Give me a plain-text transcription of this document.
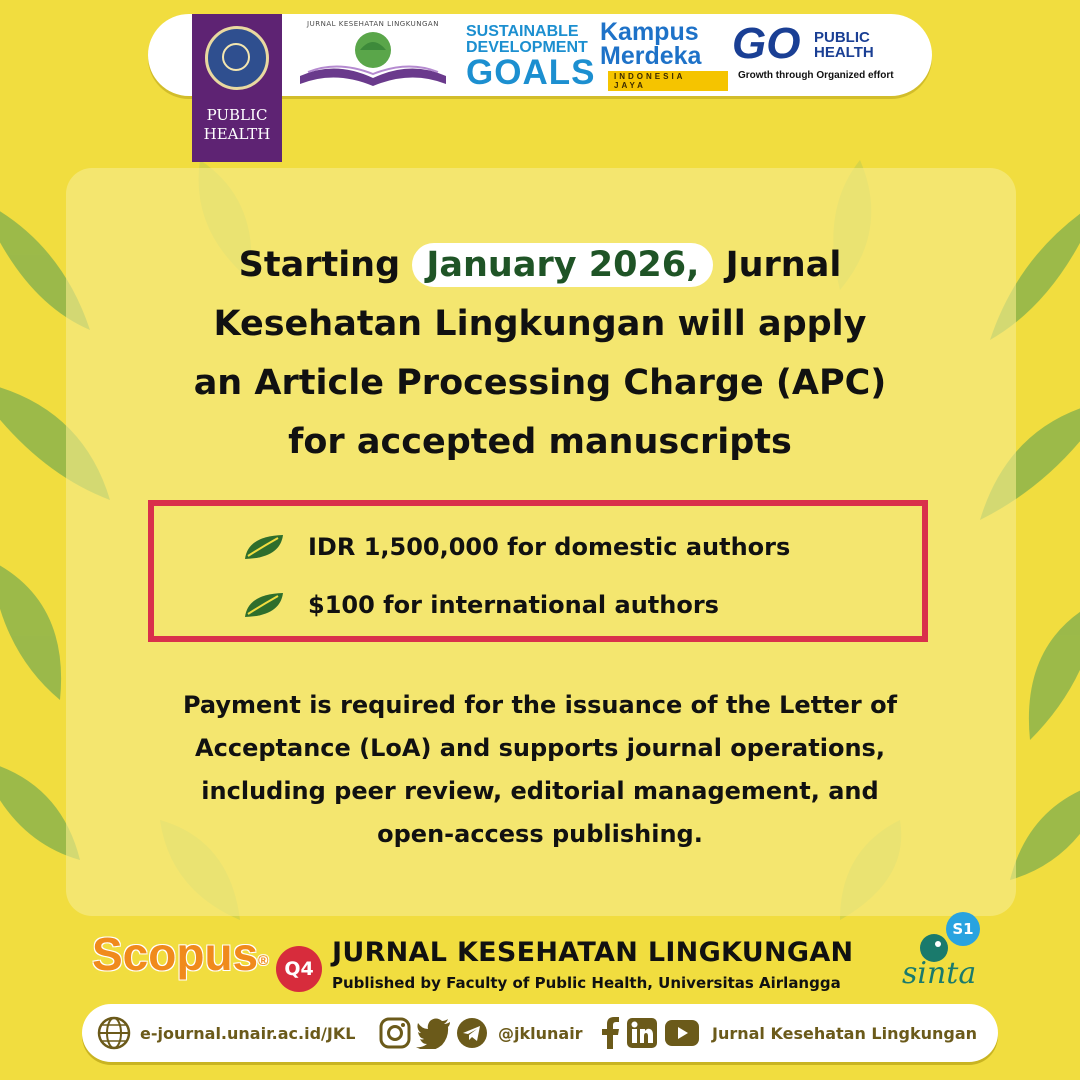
PUBLIC HEALTH
JURNAL KESEHATAN LINGKUNGAN	SUSTAINABLE
DEVELOPMENT
GOALS
Kampus
Merdeka
INDONESIA JAYA
GO PUBLIC
HEALTH
Growth through Organized effort
Starting January 2026, Jurnal
Kesehatan Lingkungan will apply
an Article Processing Charge (APC)
for accepted manuscripts
IDR 1,500,000 for domestic authors
$100 for international authors
Payment is required for the issuance of the Letter of
Acceptance (LoA) and supports journal operations,
including peer review, editorial management, and
open-access publishing.
Scopus® Q4
JURNAL KESEHATAN LINGKUNGAN
Published by Faculty of Public Health, Universitas Airlangga
S1
sinta
e-journal.unair.ac.id/JKL	@jklunair	Jurnal Kesehatan Lingkungan
